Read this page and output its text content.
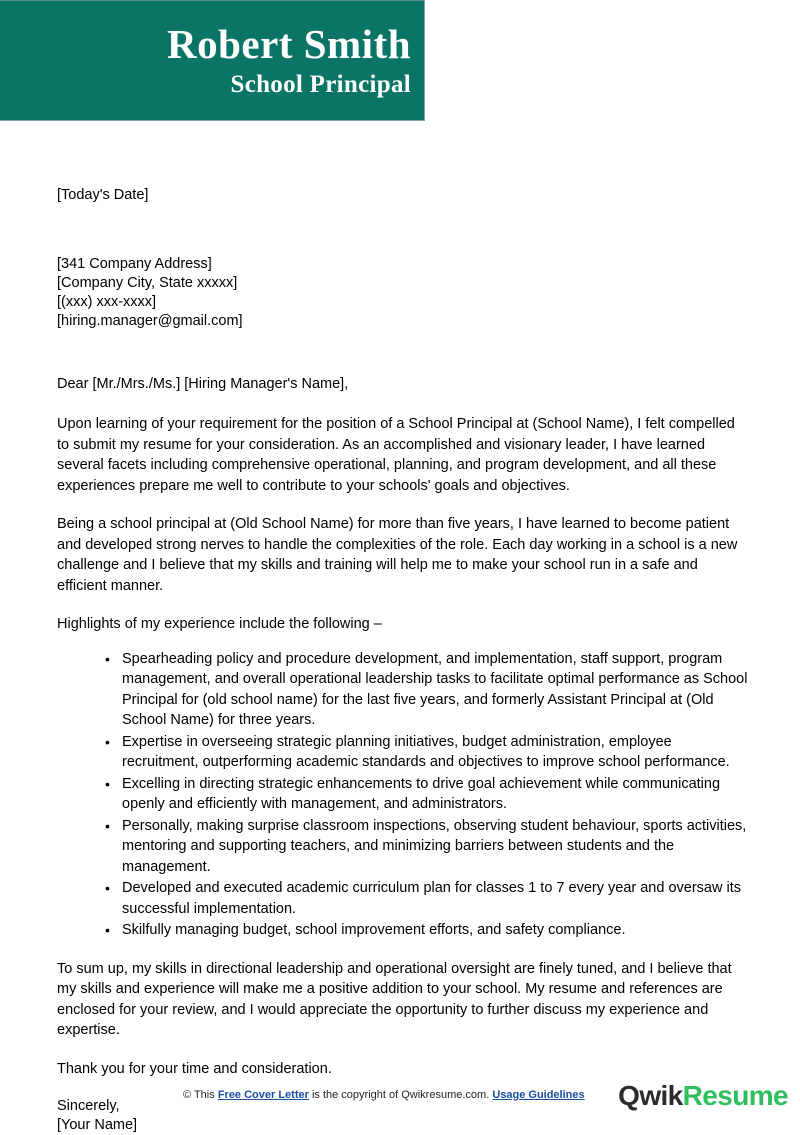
Robert Smith
School Principal

[Today's Date]

[341 Company Address]

[Company City, State xxxxx]

[(xxx) xxx-xxxx]

[hiring.manager@gmail.com]

Dear [Mr./Mrs./Ms.] [Hiring Manager's Name],

Upon learning of your requirement for the position of a School Principal at (School Name), I felt compelled to submit my resume for your consideration. As an accomplished and visionary leader, I have learned several facets including comprehensive operational, planning, and program development, and all these experiences prepare me well to contribute to your schools' goals and objectives.

Being a school principal at (Old School Name) for more than five years, I have learned to become patient and developed strong nerves to handle the complexities of the role. Each day working in a school is a new challenge and I believe that my skills and training will help me to make your school run in a safe and efficient manner.

Highlights of my experience include the following –

• Spearheading policy and procedure development, and implementation, staff support, program management, and overall operational leadership tasks to facilitate optimal performance as School Principal for (old school name) for the last five years, and formerly Assistant Principal at (Old School Name) for three years.
• Expertise in overseeing strategic planning initiatives, budget administration, employee recruitment, outperforming academic standards and objectives to improve school performance.
• Excelling in directing strategic enhancements to drive goal achievement while communicating openly and efficiently with management, and administrators.
• Personally, making surprise classroom inspections, observing student behaviour, sports activities, mentoring and supporting teachers, and minimizing barriers between students and the management.
• Developed and executed academic curriculum plan for classes 1 to 7 every year and oversaw its successful implementation.
• Skilfully managing budget, school improvement efforts, and safety compliance.

To sum up, my skills in directional leadership and operational oversight are finely tuned, and I believe that my skills and experience will make me a positive addition to your school. My resume and references are enclosed for your review, and I would appreciate the opportunity to further discuss my experience and expertise.

Thank you for your time and consideration.

Sincerely,

[Your Name]

© This Free Cover Letter is the copyright of Qwikresume.com. Usage Guidelines QwikResume
